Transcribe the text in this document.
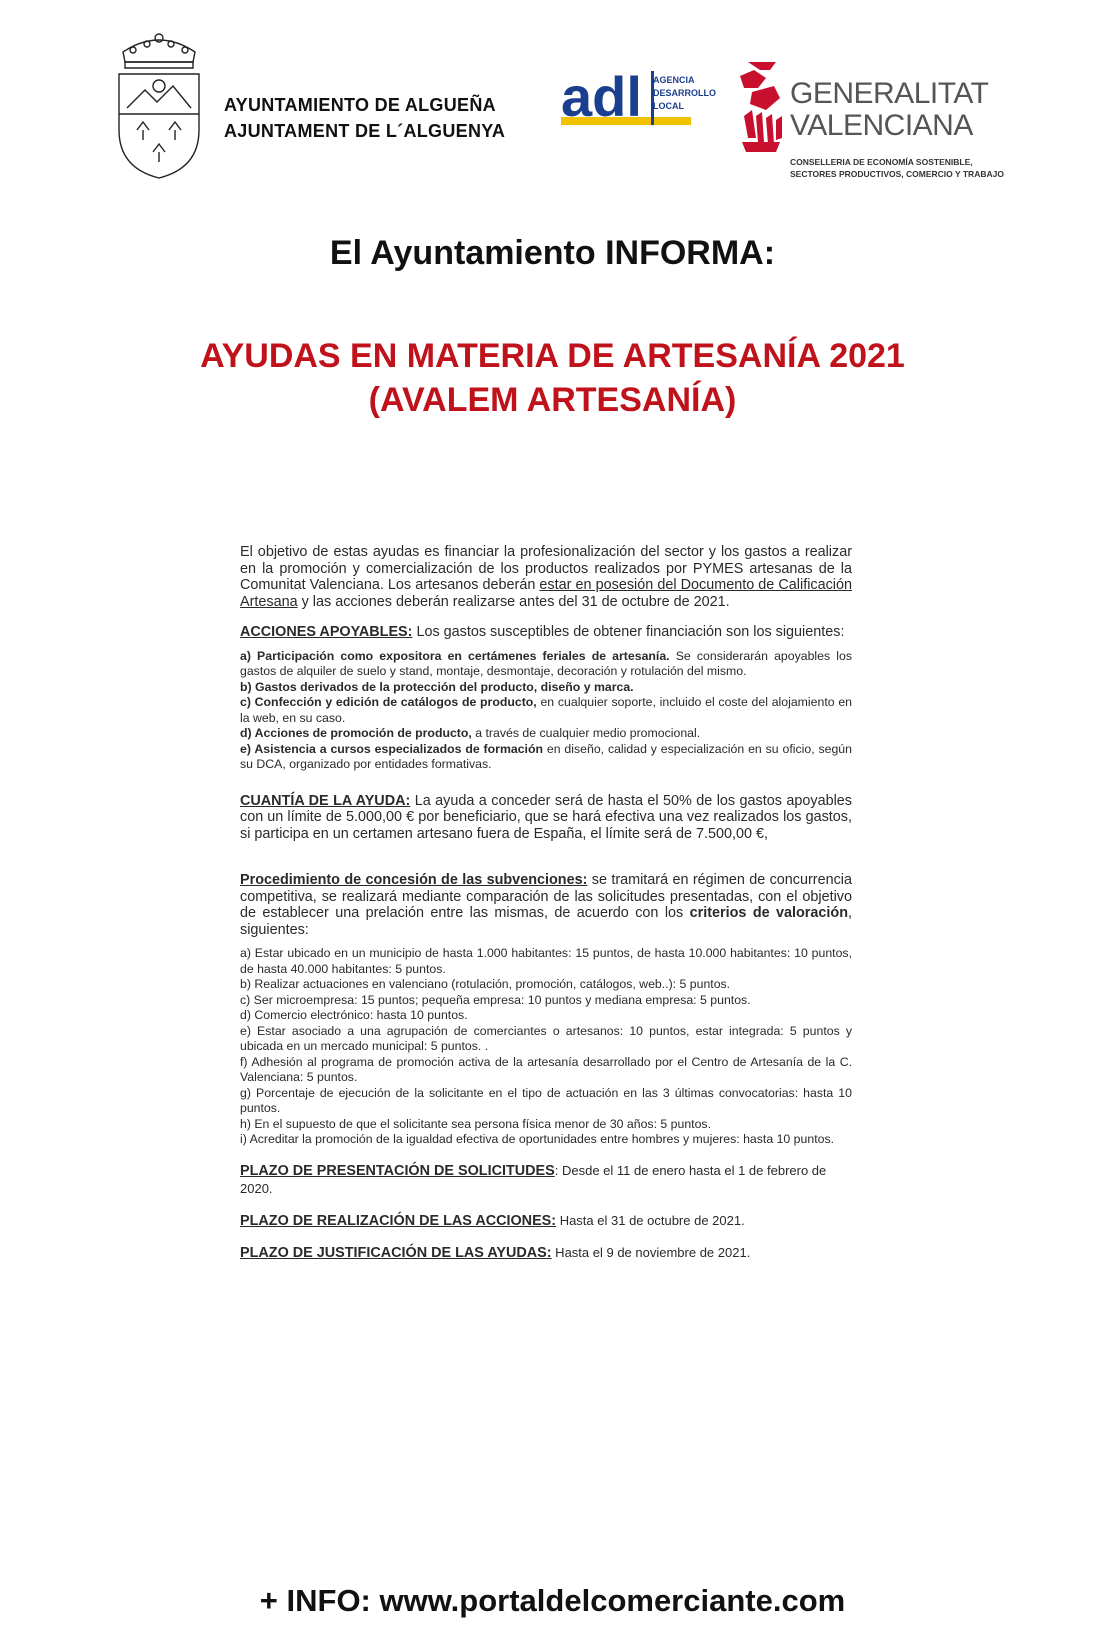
AYUNTAMIENTO DE ALGUEÑA
AJUNTAMENT DE L´ALGUENYA
adl AGENCIA
DESARROLLO
LOCAL	GENERALITAT
VALENCIANA
CONSELLERIA DE ECONOMÍA SOSTENIBLE,
SECTORES PRODUCTIVOS, COMERCIO Y TRABAJO
El Ayuntamiento INFORMA:
AYUDAS EN MATERIA DE ARTESANÍA 2021
(AVALEM ARTESANÍA)

El objetivo de estas ayudas es financiar la profesionalización del sector y los gastos a realizar en la promoción y comercialización de los productos realizados por PYMES artesanas de la Comunitat Valenciana. Los artesanos deberán estar en posesión del Documento de Calificación Artesana y las acciones deberán realizarse antes del 31 de octubre de 2021.

ACCIONES APOYABLES: Los gastos susceptibles de obtener financiación son los siguientes:

a) Participación como expositora en certámenes feriales de artesanía. Se considerarán apoyables los gastos de alquiler de suelo y stand, montaje, desmontaje, decoración y rotulación del mismo.

b) Gastos derivados de la protección del producto, diseño y marca.

c) Confección y edición de catálogos de producto, en cualquier soporte, incluido el coste del alojamiento en la web, en su caso.

d) Acciones de promoción de producto, a través de cualquier medio promocional.

e) Asistencia a cursos especializados de formación en diseño, calidad y especialización en su oficio, según su DCA, organizado por entidades formativas.

CUANTÍA DE LA AYUDA: La ayuda a conceder será de hasta el 50% de los gastos apoyables con un límite de 5.000,00 € por beneficiario, que se hará efectiva una vez realizados los gastos, si participa en un certamen artesano fuera de España, el límite será de 7.500,00 €,

Procedimiento de concesión de las subvenciones: se tramitará en régimen de concurrencia competitiva, se realizará mediante comparación de las solicitudes presentadas, con el objetivo de establecer una prelación entre las mismas, de acuerdo con los criterios de valoración, siguientes:

a) Estar ubicado en un municipio de hasta 1.000 habitantes: 15 puntos, de hasta 10.000 habitantes: 10 puntos, de hasta 40.000 habitantes: 5 puntos.

b) Realizar actuaciones en valenciano (rotulación, promoción, catálogos, web..): 5 puntos.

c) Ser microempresa: 15 puntos; pequeña empresa: 10 puntos y mediana empresa: 5 puntos.

d) Comercio electrónico: hasta 10 puntos.

e) Estar asociado a una agrupación de comerciantes o artesanos: 10 puntos, estar integrada: 5 puntos y ubicada en un mercado municipal: 5 puntos. .

f) Adhesión al programa de promoción activa de la artesanía desarrollado por el Centro de Artesanía de la C. Valenciana: 5 puntos.

g) Porcentaje de ejecución de la solicitante en el tipo de actuación en las 3 últimas convocatorias: hasta 10 puntos.

h) En el supuesto de que el solicitante sea persona física menor de 30 años: 5 puntos.

i) Acreditar la promoción de la igualdad efectiva de oportunidades entre hombres y mujeres: hasta 10 puntos.

PLAZO DE PRESENTACIÓN DE SOLICITUDES: Desde el 11 de enero hasta el 1 de febrero de 2020.

PLAZO DE REALIZACIÓN DE LAS ACCIONES: Hasta el 31 de octubre de 2021.

PLAZO DE JUSTIFICACIÓN DE LAS AYUDAS: Hasta el 9 de noviembre de 2021.

+ INFO: www.portaldelcomerciante.com
